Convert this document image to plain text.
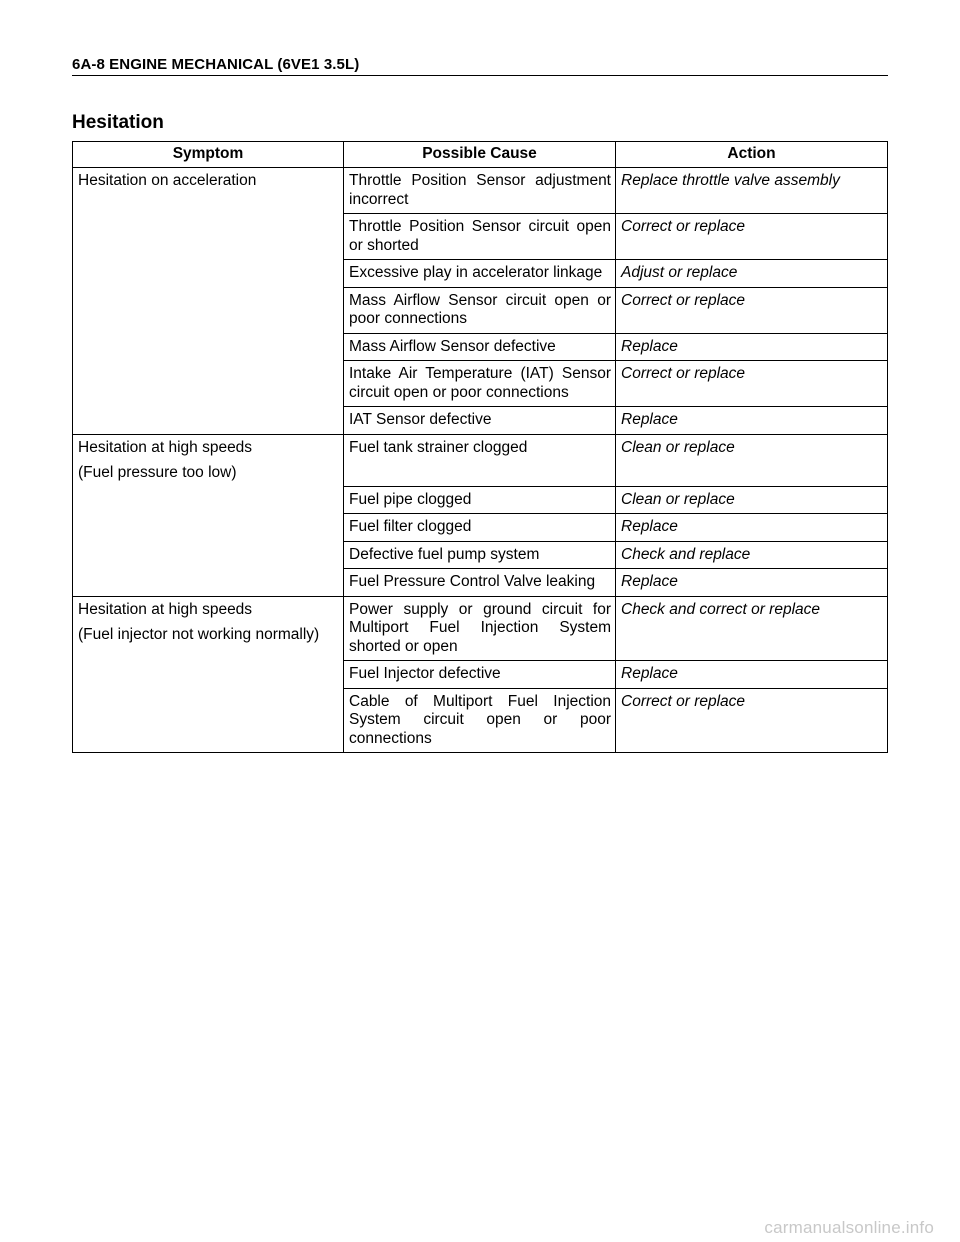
6A-8 ENGINE MECHANICAL (6VE1 3.5L)
Hesitation
Symptom	Possible Cause	Action

Hesitation on acceleration	Throttle Position Sensor adjustment incorrect	Replace throttle valve assembly
	Throttle Position Sensor circuit open or shorted	Correct or replace
	Excessive play in accelerator linkage	Adjust or replace
	Mass Airflow Sensor circuit open or poor connections	Correct or replace
	Mass Airflow Sensor defective	Replace
	Intake Air Temperature (IAT) Sensor circuit open or poor connections	Correct or replace
	IAT Sensor defective	Replace

Hesitation at high speeds
(Fuel pressure too low)	Fuel tank strainer clogged	Clean or replace
	Fuel pipe clogged	Clean or replace
	Fuel filter clogged	Replace
	Defective fuel pump system	Check and replace
	Fuel Pressure Control Valve leaking	Replace

Hesitation at high speeds
(Fuel injector not working normally)	Power supply or ground circuit for Multiport Fuel Injection System shorted or open	Check and correct or replace
	Fuel Injector defective	Replace
	Cable of Multiport Fuel Injection System circuit open or poor connections	Correct or replace
carmanualsonline.info
